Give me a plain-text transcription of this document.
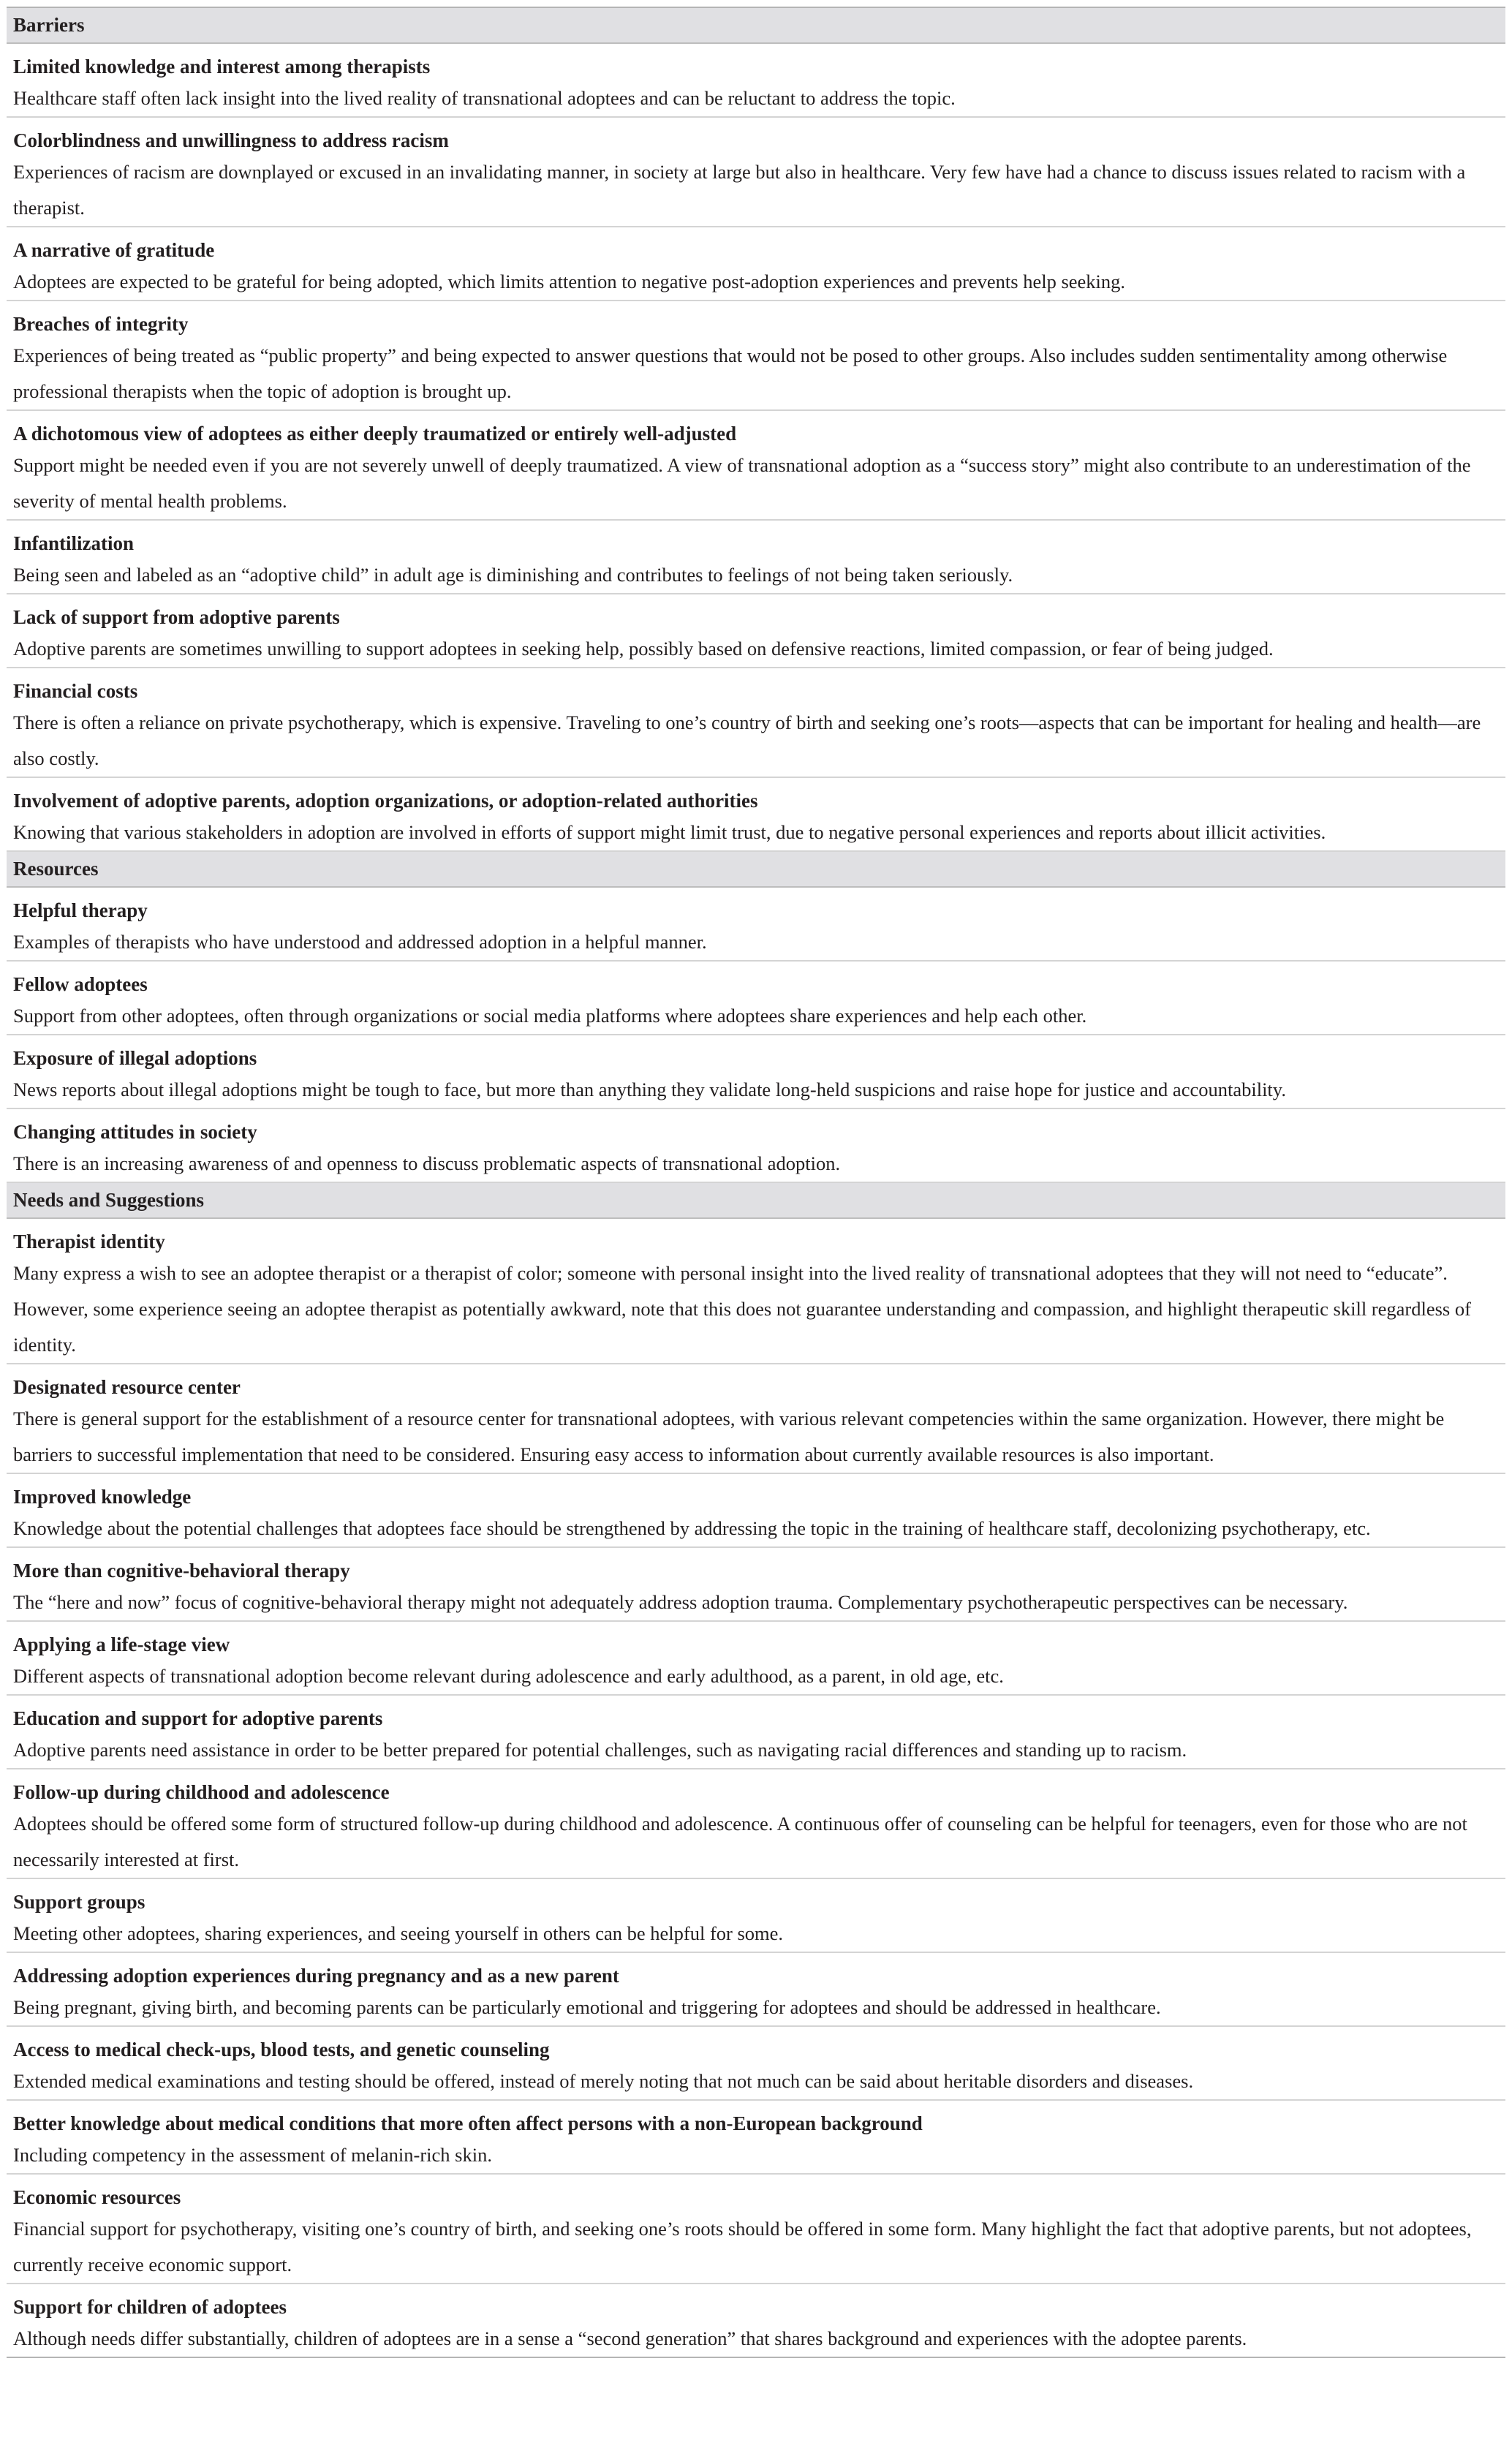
Barriers
Limited knowledge and interest among therapists
Healthcare staff often lack insight into the lived reality of transnational adoptees and can be reluctant to address the topic.
Colorblindness and unwillingness to address racism
Experiences of racism are downplayed or excused in an invalidating manner, in society at large but also in healthcare. Very few have had a chance to discuss issues related to racism with a therapist.
A narrative of gratitude
Adoptees are expected to be grateful for being adopted, which limits attention to negative post-adoption experiences and prevents help seeking.
Breaches of integrity
Experiences of being treated as “public property” and being expected to answer questions that would not be posed to other groups. Also includes sudden sentimentality among otherwise professional therapists when the topic of adoption is brought up.
A dichotomous view of adoptees as either deeply traumatized or entirely well-adjusted
Support might be needed even if you are not severely unwell of deeply traumatized. A view of transnational adoption as a “success story” might also contribute to an underestimation of the severity of mental health problems.
Infantilization
Being seen and labeled as an “adoptive child” in adult age is diminishing and contributes to feelings of not being taken seriously.
Lack of support from adoptive parents
Adoptive parents are sometimes unwilling to support adoptees in seeking help, possibly based on defensive reactions, limited compassion, or fear of being judged.
Financial costs
There is often a reliance on private psychotherapy, which is expensive. Traveling to one’s country of birth and seeking one’s roots—aspects that can be important for healing and health—are also costly.
Involvement of adoptive parents, adoption organizations, or adoption-related authorities
Knowing that various stakeholders in adoption are involved in efforts of support might limit trust, due to negative personal experiences and reports about illicit activities.
Resources
Helpful therapy
Examples of therapists who have understood and addressed adoption in a helpful manner.
Fellow adoptees
Support from other adoptees, often through organizations or social media platforms where adoptees share experiences and help each other.
Exposure of illegal adoptions
News reports about illegal adoptions might be tough to face, but more than anything they validate long-held suspicions and raise hope for justice and accountability.
Changing attitudes in society
There is an increasing awareness of and openness to discuss problematic aspects of transnational adoption.
Needs and Suggestions
Therapist identity
Many express a wish to see an adoptee therapist or a therapist of color; someone with personal insight into the lived reality of transnational adoptees that they will not need to “educate”. However, some experience seeing an adoptee therapist as potentially awkward, note that this does not guarantee understanding and compassion, and highlight therapeutic skill regardless of identity.
Designated resource center
There is general support for the establishment of a resource center for transnational adoptees, with various relevant competencies within the same organization. However, there might be barriers to successful implementation that need to be considered. Ensuring easy access to information about currently available resources is also important.
Improved knowledge
Knowledge about the potential challenges that adoptees face should be strengthened by addressing the topic in the training of healthcare staff, decolonizing psychotherapy, etc.
More than cognitive-behavioral therapy
The “here and now” focus of cognitive-behavioral therapy might not adequately address adoption trauma. Complementary psychotherapeutic perspectives can be necessary.
Applying a life-stage view
Different aspects of transnational adoption become relevant during adolescence and early adulthood, as a parent, in old age, etc.
Education and support for adoptive parents
Adoptive parents need assistance in order to be better prepared for potential challenges, such as navigating racial differences and standing up to racism.
Follow-up during childhood and adolescence
Adoptees should be offered some form of structured follow-up during childhood and adolescence. A continuous offer of counseling can be helpful for teenagers, even for those who are not necessarily interested at first.
Support groups
Meeting other adoptees, sharing experiences, and seeing yourself in others can be helpful for some.
Addressing adoption experiences during pregnancy and as a new parent
Being pregnant, giving birth, and becoming parents can be particularly emotional and triggering for adoptees and should be addressed in healthcare.
Access to medical check-ups, blood tests, and genetic counseling
Extended medical examinations and testing should be offered, instead of merely noting that not much can be said about heritable disorders and diseases.
Better knowledge about medical conditions that more often affect persons with a non-European background
Including competency in the assessment of melanin-rich skin.
Economic resources
Financial support for psychotherapy, visiting one’s country of birth, and seeking one’s roots should be offered in some form. Many highlight the fact that adoptive parents, but not adoptees, currently receive economic support.
Support for children of adoptees
Although needs differ substantially, children of adoptees are in a sense a “second generation” that shares background and experiences with the adoptee parents.
